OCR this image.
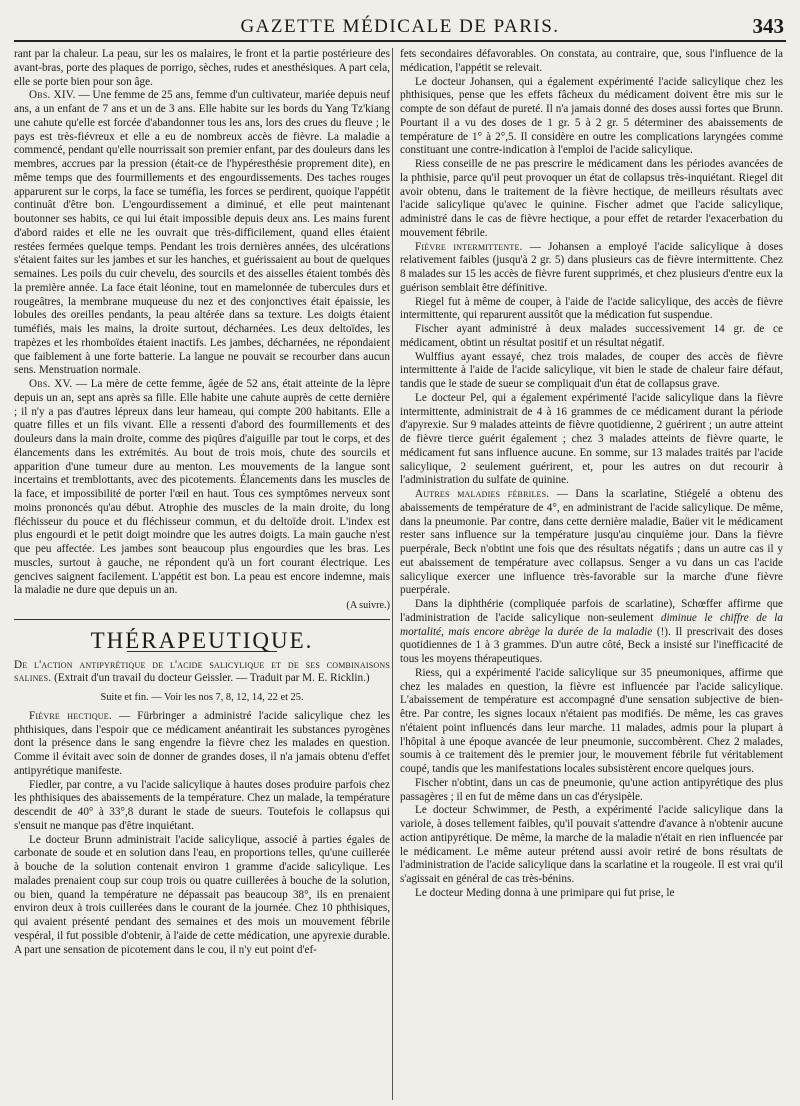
GAZETTE MÉDICALE DE PARIS.	343

rant par la chaleur. La peau, sur les os malaires, le front et la partie postérieure des avant-bras, porte des plaques de porrigo, sèches, rudes et anesthésiques. A part cela, elle se porte bien pour son âge.

Obs. XIV. — Une femme de 25 ans, femme d'un cultivateur, mariée depuis neuf ans, a un enfant de 7 ans et un de 3 ans. Elle habite sur les bords du Yang Tz'kiang une cahute qu'elle est forcée d'abandonner tous les ans, lors des crues du fleuve ; le pays est très-fiévreux et elle a eu de nombreux accès de fièvre. La maladie a commencé, pendant qu'elle nourrissait son premier enfant, par des douleurs dans les membres, accrues par la pression (était-ce de l'hypéresthésie proprement dite), en même temps que des fourmillements et des engourdissements. Des taches rouges apparurent sur le corps, la face se tuméfia, les forces se perdirent, quoique l'appétit continuât d'être bon. L'engourdissement a diminué, et elle peut maintenant boutonner ses habits, ce qui lui était impossible depuis deux ans. Les mains furent d'abord raides et elle ne les ouvrait que très-difficilement, quand elles étaient restées fermées quelque temps. Pendant les trois dernières années, des ulcérations s'étaient faites sur les jambes et sur les hanches, et guérissaient au bout de quelques semaines. Les poils du cuir chevelu, des sourcils et des aisselles étaient tombés dès la première année. La face était léonine, tout en mamelonnée de tubercules durs et rougeâtres, la membrane muqueuse du nez et des conjonctives était épaissie, les lobules des oreilles pendants, la peau altérée dans sa texture. Les doigts étaient tuméfiés, mais les mains, la droite surtout, décharnées. Les deux deltoïdes, les trapèzes et les rhomboïdes étaient inactifs. Les jambes, décharnées, ne répondaient que faiblement à une forte batterie. La langue ne pouvait se recourber dans aucun sens. Menstruation normale.

Obs. XV. — La mère de cette femme, âgée de 52 ans, était atteinte de la lèpre depuis un an, sept ans après sa fille. Elle habite une cahute auprès de cette dernière ; il n'y a pas d'autres lépreux dans leur hameau, qui compte 200 habitants. Elle a quatre filles et un fils vivant. Elle a ressenti d'abord des fourmillements et des douleurs dans la main droite, comme des piqûres d'aiguille par tout le corps, et des élancements dans les extrémités. Au bout de trois mois, chute des sourcils et apparition d'une tumeur dure au menton. Les mouvements de la langue sont incertains et tremblottants, avec des picotements. Élancements dans les muscles de la face, et impossibilité de porter l'œil en haut. Tous ces symptômes nerveux sont moins prononcés qu'au début. Atrophie des muscles de la main droite, du long fléchisseur du pouce et du fléchisseur commun, et du deltoïde droit. L'index est plus engourdi et le petit doigt moindre que les autres doigts. La main gauche n'est que peu affectée. Les jambes sont beaucoup plus engourdies que les bras. Les muscles, surtout à gauche, ne répondent qu'à un fort courant électrique. Les gencives saignent facilement. L'appétit est bon. La peau est encore indemne, mais la maladie ne dure que depuis un an.

(A suivre.)
THÉRAPEUTIQUE.
De l'action antipyrétique de l'acide salicylique et de ses combinaisons salines. (Extrait d'un travail du docteur Geissler. — Traduit par M. E. Ricklin.)
Suite et fin. — Voir les nos 7, 8, 12, 14, 22 et 25.

Fièvre hectique. — Fürbringer a administré l'acide salicylique chez les phthisiques, dans l'espoir que ce médicament anéantirait les substances pyrogènes dont la présence dans le sang engendre la fièvre chez les malades en question. Comme il évitait avec soin de donner de grandes doses, il n'a jamais obtenu d'effet antipyrétique manifeste.

Fiedler, par contre, a vu l'acide salicylique à hautes doses produire parfois chez les phthisiques des abaissements de la température. Chez un malade, la température descendit de 40° à 33°,8 durant le stade de sueurs. Toutefois le collapsus qui s'ensuit ne manque pas d'être inquiétant.

Le docteur Brunn administrait l'acide salicylique, associé à parties égales de carbonate de soude et en solution dans l'eau, en proportions telles, qu'une cuillerée à bouche de la solution contenait environ 1 gramme d'acide salicylique. Les malades prenaient coup sur coup trois ou quatre cuillerées à bouche de la solution, ou bien, quand la température ne dépassait pas beaucoup 38°, ils en prenaient environ deux à trois cuillerées dans le courant de la journée. Chez 10 phthisiques, qui avaient présenté pendant des semaines et des mois un mouvement fébrile vespéral, il fut possible d'obtenir, à l'aide de cette médication, une apyrexie durable. A part une sensation de picotement dans le cou, il n'y eut point d'ef-

fets secondaires défavorables. On constata, au contraire, que, sous l'influence de la médication, l'appétit se relevait.

Le docteur Johansen, qui a également expérimenté l'acide salicylique chez les phthisiques, pense que les effets fâcheux du médicament doivent être mis sur le compte de son défaut de pureté. Il n'a jamais donné des doses aussi fortes que Brunn. Pourtant il a vu des doses de 1 gr. 5 à 2 gr. 5 déterminer des abaissements de température de 1° à 2°,5. Il considère en outre les complications laryngées comme constituant une contre-indication à l'emploi de l'acide salicylique.

Riess conseille de ne pas prescrire le médicament dans les périodes avancées de la phthisie, parce qu'il peut provoquer un état de collapsus très-inquiétant. Riegel dit avoir obtenu, dans le traitement de la fièvre hectique, de meilleurs résultats avec l'acide salicylique qu'avec le quinine. Fischer admet que l'acide salicylique, administré dans le cas de fièvre hectique, a pour effet de retarder l'exacerbation du mouvement fébrile.

Fièvre intermittente. — Johansen a employé l'acide salicylique à doses relativement faibles (jusqu'à 2 gr. 5) dans plusieurs cas de fièvre intermittente. Chez 8 malades sur 15 les accès de fièvre furent supprimés, et chez plusieurs d'entre eux la guérison semblait être définitive.

Riegel fut à même de couper, à l'aide de l'acide salicylique, des accès de fièvre intermittente, qui reparurent aussitôt que la médication fut suspendue.

Fischer ayant administré à deux malades successivement 14 gr. de ce médicament, obtint un résultat positif et un résultat négatif.

Wulffius ayant essayé, chez trois malades, de couper des accès de fièvre intermittente à l'aide de l'acide salicylique, vit bien le stade de chaleur faire défaut, tandis que le stade de sueur se compliquait d'un état de collapsus grave.

Le docteur Pel, qui a également expérimenté l'acide salicylique dans la fièvre intermittente, administrait de 4 à 16 grammes de ce médicament durant la période d'apyrexie. Sur 9 malades atteints de fièvre quotidienne, 2 guérirent ; un autre atteint de fièvre tierce guérit également ; chez 3 malades atteints de fièvre quarte, le médicament fut sans influence aucune. En somme, sur 13 malades traités par l'acide salicylique, 2 seulement guérirent, et, pour les autres on dut recourir à l'administration du sulfate de quinine.

Autres maladies fébriles. — Dans la scarlatine, Stiégelé a obtenu des abaissements de température de 4°, en administrant de l'acide salicylique. De même, dans la pneumonie. Par contre, dans cette dernière maladie, Baüer vit le médicament rester sans influence sur la température jusqu'au cinquième jour. Dans la fièvre puerpérale, Beck n'obtint une fois que des résultats négatifs ; dans un autre cas il y eut abaissement de température avec collapsus. Senger a vu dans un cas l'acide salicylique exercer une influence très-favorable sur la marche d'une fièvre puerpérale.

Dans la diphthérie (compliquée parfois de scarlatine), Schœffer affirme que l'administration de l'acide salicylique non-seulement diminue le chiffre de la mortalité, mais encore abrège la durée de la maladie (!). Il prescrivait des doses quotidiennes de 1 à 3 grammes. D'un autre côté, Beck a insisté sur l'inefficacité de tous les moyens thérapeutiques.

Riess, qui a expérimenté l'acide salicylique sur 35 pneumoniques, affirme que chez les malades en question, la fièvre est influencée par l'acide salicylique. L'abaissement de température est accompagné d'une sensation subjective de bien-être. Par contre, les signes locaux n'étaient pas modifiés. De même, les cas graves n'étaient point influencés dans leur marche. 11 malades, admis pour la plupart à l'hôpital à une époque avancée de leur pneumonie, succombèrent. Chez 2 malades, soumis à ce traitement dès le premier jour, le mouvement fébrile fut véritablement coupé, tandis que les manifestations locales subsistèrent encore quelques jours.

Fischer n'obtint, dans un cas de pneumonie, qu'une action antipyrétique des plus passagères ; il en fut de même dans un cas d'érysipèle.

Le docteur Schwimmer, de Pesth, a expérimenté l'acide salicylique dans la variole, à doses tellement faibles, qu'il pouvait s'attendre d'avance à n'obtenir aucune action antipyrétique. De même, la marche de la maladie n'était en rien influencée par le médicament. Le même auteur prétend aussi avoir retiré de bons résultats de l'administration de l'acide salicylique dans la scarlatine et la rougeole. Il est vrai qu'il s'agissait en général de cas très-bénins.

Le docteur Meding donna à une primipare qui fut prise, le
